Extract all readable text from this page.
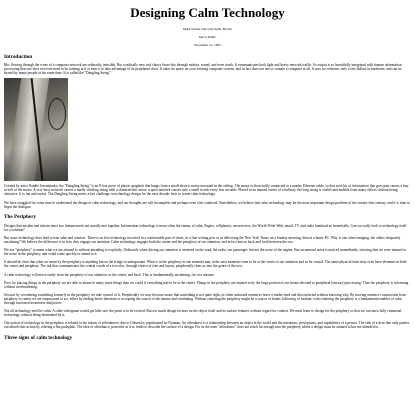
Designing Calm Technology
Mark Weiser and John Seely Brown
Xerox PARC
December 21, 1995
Introduction

Bits flowing through the wires of a computer network are ordinarily invisible. But a radically new tool shows those bits through motion, sound, and even touch. It communicates both light and heavy network traffic. Its output is so beautifully integrated with human information processing that one does not even need to be looking at it or near it to take advantage of its peripheral clues. It takes no space on your existing computer screens, and in fact does not use or contain a computer at all. It uses no software, only a few dollars in hardware, and can be shared by many people at the same time. It is called the "Dangling String".

Created by artist Natalie Jeremijenko, the "Dangling String" is an 8 foot piece of plastic spaghetti that hangs from a small electric motor mounted in the ceiling. The motor is electrically connected to a nearby Ethernet cable, so that each bit of information that goes past causes a tiny twitch of the motor. A very busy network causes a madly whirling string with a characteristic noise; a quiet network causes only a small twitch every few seconds. Placed in an unused corner of a hallway, the long string is visible and audible from many offices without being obtrusive. It is fun and useful. The Dangling String meets a key challenge in technology design for the next decade: how to create calm technology.

We have struggled for some time to understand the design of calm technology, and our thoughts are still incomplete and perhaps even a bit confused. Nonetheless, we believe that calm technology may be the most important design problem of the twenty-first century, and it is time to begin the dialogue.

The Periphery

Designs that encalm and inform meet two human needs not usually met together. Information technology is more often the enemy of calm. Pagers, cellphones, newservices, the World-Wide-Web, email, TV, and radio bombard us frenetically. Can we really look to technology itself for a solution?

But some technology does lead to true calm and comfort. There is no less technology involved in a comfortable pair of shoes, in a fine writing pen, or in delivering the New York Times on a Sunday morning, than in a home PC. Why is one often enraging, the others frequently encalming? We believe the difference is in how they engage our attention. Calm technology engages both the center and the periphery of our attention, and in fact moves back and forth between the two.

We use "periphery" to name what we are attuned to without attending to explicitly. Ordinarily when driving our attention is centered on the road, the radio, our passenger, but not the noise of the engine. But an unusual noise is noticed immediately, showing that we were attuned to the noise in the periphery, and could come quickly to attend to it.

It should be clear that what we mean by the periphery is anything but on the fringe or unimportant. What is in the periphery at one moment may in the next moment come to be at the center of our attention and so be crucial. The same physical form may even have elements in both the center and periphery. The ink that communicates the central words of a text also, through choice of font and layout, peripherally clues us into the genre of the text.

A calm technology will move easily from the periphery of our attention, to the center, and back. This is fundamentally encalming, for two reasons.

First, by placing things in the periphery we are able to attune to many more things than we could if everything had to be at the center. Things in the periphery are attuned to by the large portion of our brains devoted to peripheral (sensory) processing. Thus the periphery is informing without overburdening.

Second, by recentering something formerly in the periphery we take control of it. Peripherally we may become aware that something is not quite right, as when awkward sentences leave a reader tired and discomforted without knowing why. By moving sentence construction from periphery to center we are empowered to act, either by finding better literature or accepting the source of the unease and continuing. Without centering the periphery might be a source of frantic following of fashion; with centering the periphery is a fundamental enabler of calm through increased awareness and power.

Not all technology need be calm. A calm videogame would get little use; the point is to be excited. But too much design focuses on the object itself and its surface features without regard for context. We must learn to design for the periphery so that we can most fully command technology without being dominated by it.

Our notion of technology in the periphery is related to the notion of affordances, due to Gibson by popularized by Norman. An affordance is a relationship between an object in the world and the intentions, perceptions, and capabilities of a person. The side of a door that only pushes out affords this action by offering a flat pushplate. The idea of affordance, powerful as it is, tends to describe the surface of a design. For us the term "affordance" does not reach far enough into the periphery where a design must be attuned to but not attended to.

Three signs of calm technology
